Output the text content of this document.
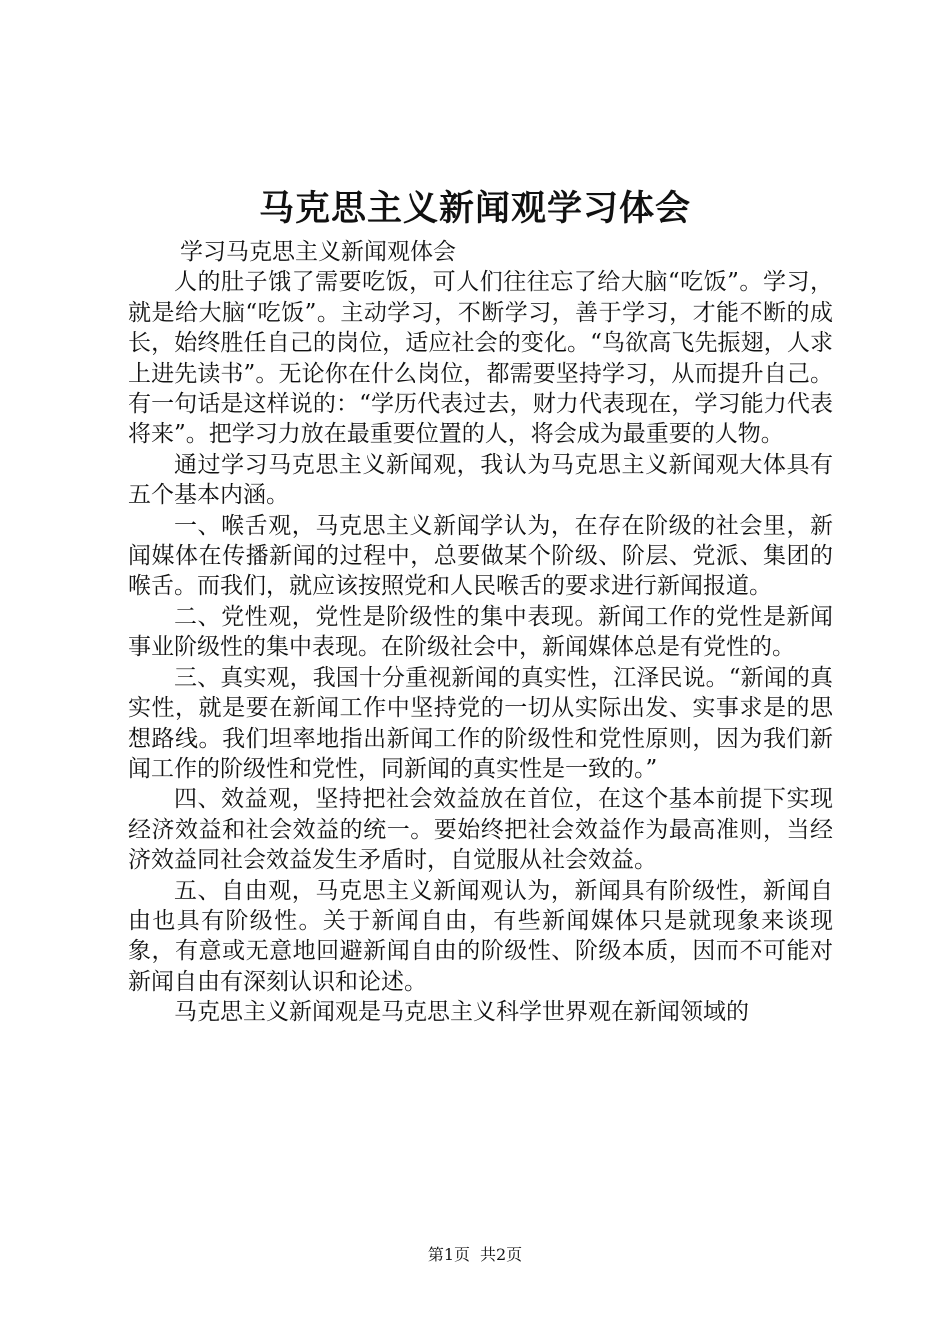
马克思主义新闻观学习体会

学习马克思主义新闻观体会

人的肚子饿了需要吃饭，可人们往往忘了给大脑“吃饭”。学习，就是给大脑“吃饭”。主动学习，不断学习，善于学习，才能不断的成长，始终胜任自己的岗位，适应社会的变化。“鸟欲高飞先振翅，人求上进先读书”。无论你在什么岗位，都需要坚持学习，从而提升自己。有一句话是这样说的：“学历代表过去，财力代表现在，学习能力代表将来”。把学习力放在最重要位置的人，将会成为最重要的人物。

通过学习马克思主义新闻观，我认为马克思主义新闻观大体具有五个基本内涵。

一、喉舌观，马克思主义新闻学认为，在存在阶级的社会里，新闻媒体在传播新闻的过程中，总要做某个阶级、阶层、党派、集团的喉舌。而我们，就应该按照党和人民喉舌的要求进行新闻报道。

二、党性观，党性是阶级性的集中表现。新闻工作的党性是新闻事业阶级性的集中表现。在阶级社会中，新闻媒体总是有党性的。

三、真实观，我国十分重视新闻的真实性，江泽民说。“新闻的真实性，就是要在新闻工作中坚持党的一切从实际出发、实事求是的思想路线。我们坦率地指出新闻工作的阶级性和党性原则，因为我们新闻工作的阶级性和党性，同新闻的真实性是一致的。”

四、效益观，坚持把社会效益放在首位，在这个基本前提下实现经济效益和社会效益的统一。要始终把社会效益作为最高准则，当经济效益同社会效益发生矛盾时，自觉服从社会效益。

五、自由观，马克思主义新闻观认为，新闻具有阶级性，新闻自由也具有阶级性。关于新闻自由，有些新闻媒体只是就现象来谈现象，有意或无意地回避新闻自由的阶级性、阶级本质，因而不可能对新闻自由有深刻认识和论述。

马克思主义新闻观是马克思主义科学世界观在新闻领域的

第1页 共2页
